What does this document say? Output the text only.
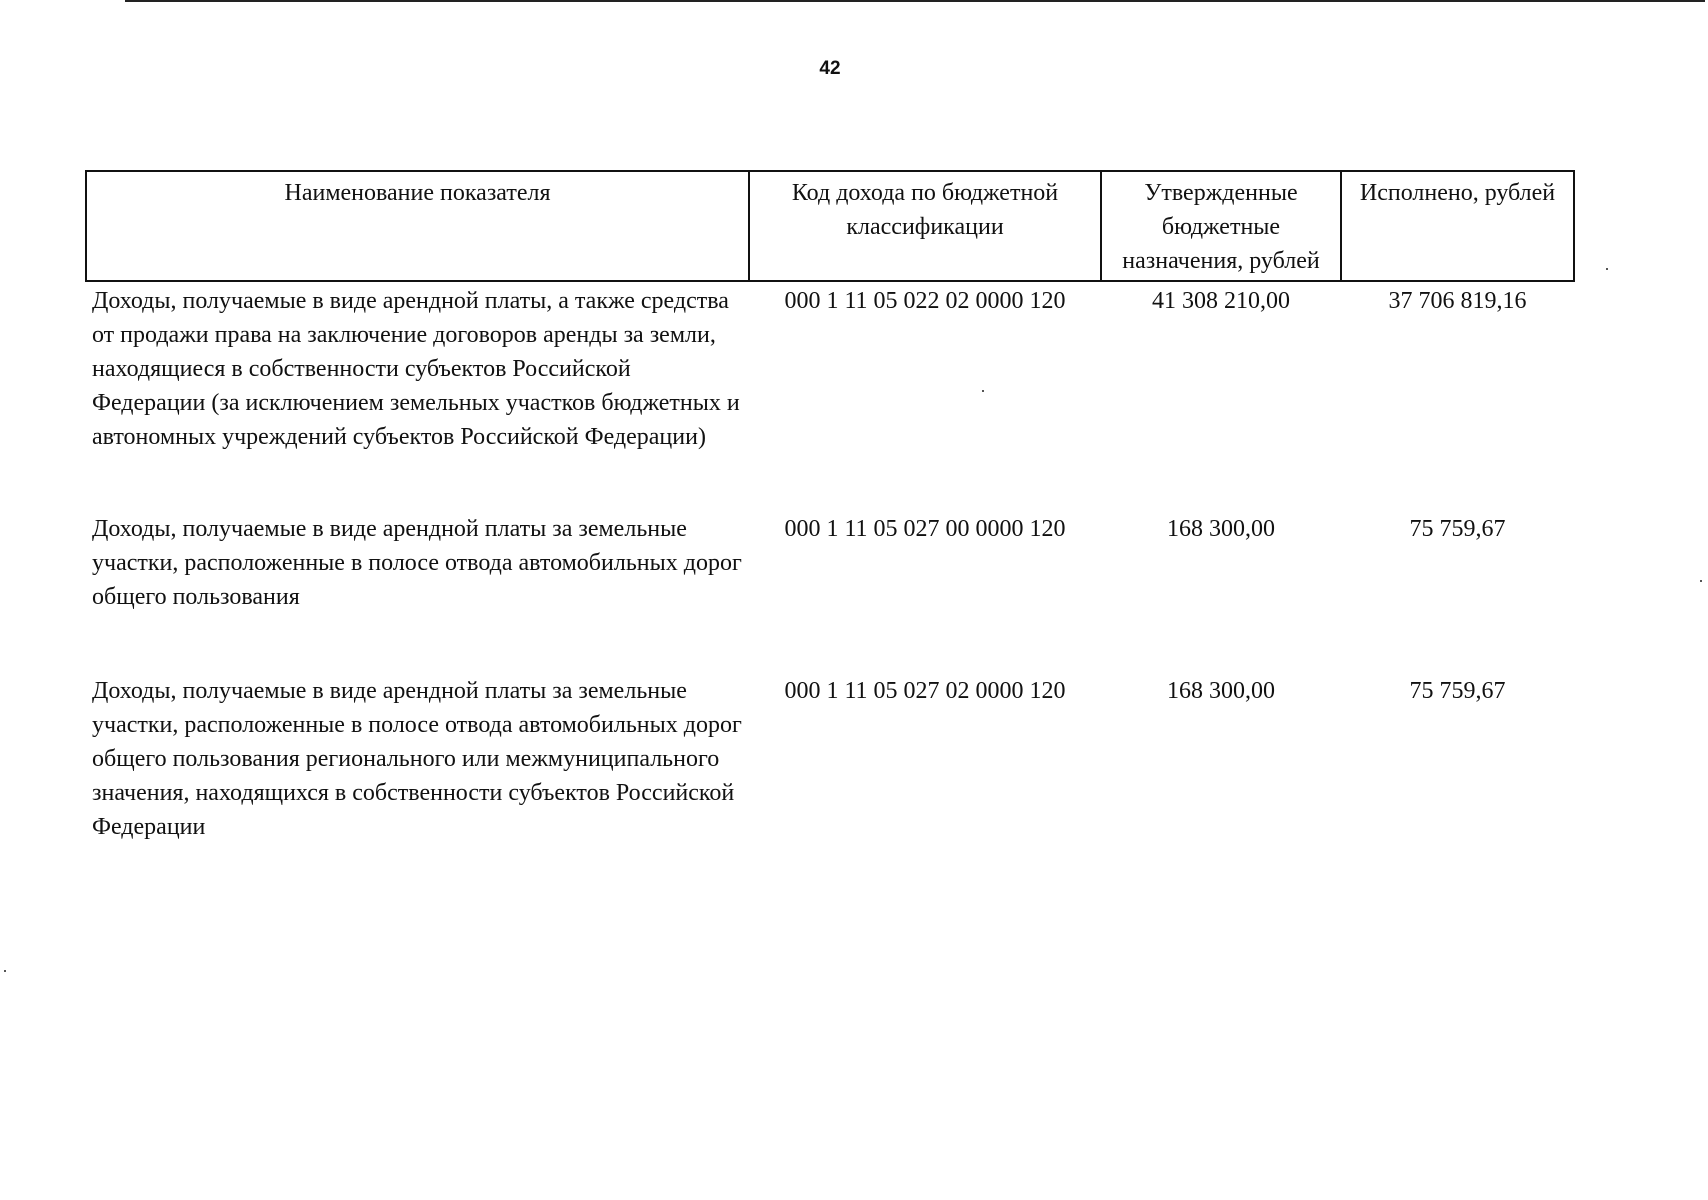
42
Наименование показателя	Код дохода по бюджетной классификации	Утвержденные бюджетные назначения, рублей	Исполнено, рублей
Доходы, получаемые в виде арендной платы, а также средства от продажи права на заключение договоров аренды за земли, находящиеся в собственности субъектов Российской Федерации (за исключением земельных участков бюджетных и автономных учреждений субъектов Российской Федерации)	000 1 11 05 022 02 0000 120	41 308 210,00	37 706 819,16
Доходы, получаемые в виде арендной платы за земельные участки, расположенные в полосе отвода автомобильных дорог общего пользования	000 1 11 05 027 00 0000 120	168 300,00	75 759,67
Доходы, получаемые в виде арендной платы за земельные участки, расположенные в полосе отвода автомобильных дорог общего пользования регионального или межмуниципального значения, находящихся в собственности субъектов Российской Федерации	000 1 11 05 027 02 0000 120	168 300,00	75 759,67
